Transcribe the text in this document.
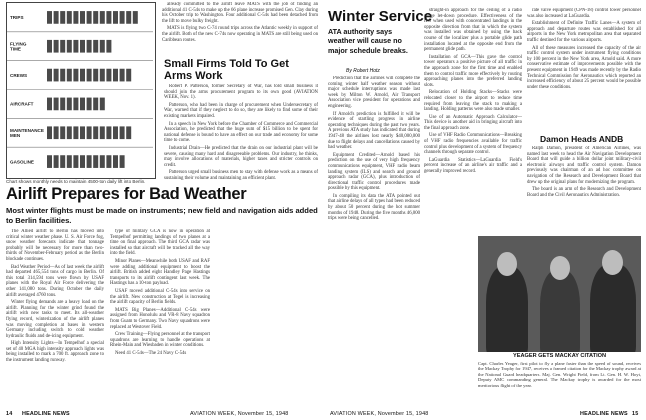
TRIPS
FLYING
TIME
CREWS
AIRCRAFT
MAINTENANCE
MEN
GASOLINE
Chart shows monthly needs to maintain 4500-ton daily lift into Berlin.
Airlift Prepares for Bad Weather
Most winter flights must be made on instruments; new field and navigation aids added to Berlin facilities.

The Allied airlift to Berlin has moved into critical winter weather phase. U. S. Air Force fog, snow weather forecasts indicate that tonnage probably will be necessary for more than two-thirds of November-February period as the Berlin blockade continues.

Bad Weather Period—As of last week the airlift had departed 465,554 tons of cargo in Berlin. Of this total 314,594 tons were flown by USAF planes with the Royal Air Force delivering the other 141,080 tons. During October the daily airlift averaged 4760 tons.

Winter flying demands are a heavy load on the airlift. Planning for the winter grind found the airlift with new tasks to meet. Its all-weather flying record, winterization of the airlift planes was moving completion at bases in western Germany including switch to cold weather hydraulic fluids and de-icing equipment.

High Intensity Lights—In Tempelhof a special set of 40 MGA high intensity approach lights was being installed to mark a 700 ft. approach zone to the instrument landing runway.

type of military GCA is now in operation at Tempelhof permitting landings of two planes at a time on final approach. The third GCA radar was installed so that aircraft will be tracked all the way into the field.

Minor Planes—Meanwhile both USAF and RAF were adding additional equipment to boost the airlift. British added eight Handley Page Hastings transports to its airlift contingent last week. The Hastings has a 10-ton payload.

USAF moved additional C-54s into service on the airlift. New construction at Tegel is increasing the airlift capacity of Berlin fields.

MATS Big Planes—Additional C-54s were assigned from Honolulu and VR-8 Navy squadron from Guam to Germany. Two Navy squadrons were replaced at Westover Field.

Crew Training—Flying personnel at the transport squadrons are learning to handle operations at Rhein-Main and Wiesbaden in winter conditions.

Need 41 C-54s—The 24 Navy C-54s

already committed to the airlift leave MATS with the job of finding an additional 41 C-54s to make up the 66 plane increase promised Gen. Clay during his October trip to Washington. Four additional C-54s had been detached from the lift to move bulky freight.

MATS is flying two C-74 round trips across the Atlantic weekly in support of the airlift. Both of the new C-74s now operating in MATS are still being used on Caribbean routes.

Small Firms Told To Get Arms Work

Robert P. Patterson, former Secretary of War, has told small business it should join the arms procurement program to its own good (AVIATION WEEK, Nov. 1).

Patterson, who had been in charge of procurement when Undersecretary of War, warned that if they neglect to do so, they are likely to find some of their existing markets impaired.

In a speech in New York before the Chamber of Commerce and Commercial Association, he predicted that the huge sum of $15 billion to be spent for national defense is bound to have an effect on our trade and economy for some time to come.

Industrial Drain—He predicted that the drain on our industrial plant will be severe, causing many hard and disagreeable problems. Our industry, he thinks, may involve allocations of materials, higher taxes and stricter controls on credit.

Patterson urged small business men to stay with defense work as a means of sustaining their volume and maintaining an efficient plant.

14 HEADLINE NEWS	AVIATION WEEK, November 15, 1948
Winter Service
ATA authority says weather will cause no major schedule breaks.
By Robert Hotz

Prediction that the airlines will complete the coming winter half weather season without major schedule interruptions was made last week by Milton W. Arnold, Air Transport Association vice president for operations and engineering.

If Arnold's prediction is fulfilled it will be evidence of startling progress in airline operating techniques during the past two years. A previous ATA study has indicated that during 1947-48 the airlines lost nearly $40,000,000 due to flight delays and cancellations caused by bad weather.

Equipment Credited—Arnold based his prediction on the use of very high frequency communications equipment, VHF radio beam landing system (ILS) and search and ground approach radar (GCA), plus introduction of directional traffic control procedures made possible by this equipment.

In compiling its data the ATA pointed out that airline delays of all types had been reduced by about 50 percent during the hot summer months of 1948. During the five months 46,000 trips were being cancelled.

straight-in approach for the ceiling of a radio range let-down procedure. Effectiveness of the ILS when used with concentrated landings in the opposite direction from that in which the system was installed was obtained by using the back course of the localizer plus a portable glide path installation located at the opposite end from the permanent glide path.

Installation of GCA—This gave the control tower operators a positive picture of all traffic in the approach zone for the first time and enabled them to control traffic more effectively by routing approaching planes into the preferred landing slots.

Relocation of Holding Stacks—Stacks were relocated closer to the airport to reduce time required from leaving the stack to making a landing. Holding patterns were also made smaller.

Use of an Automatic Approach Calculator—This device is another aid in bringing aircraft into the final approach zone.

Use of VHF Radio Communications—Breaking of VHF radio frequencies available for traffic control plus development of a system of frequency channels through separate control.

LaGuardia Statistics—LaGuardia Field's percent increase of an airline's air traffic and a generally improved record.

rate valve equipment (CPN-18) control tower personnel was also increased at LaGuardia.

Establishment of Definite Traffic Lanes—A system of approach and departure routes was established for all airports in the New York metropolitan area that separated traffic destined for the various airports.

All of these measures increased the capacity of the air traffic control system under instrument flying conditions by 100 percent in the New York area, Arnold said. A more conservative estimate of improvements possible with the present equipment in 1949 was made recently by the Radio Technical Commission for Aeronautics which reported an increased efficiency of about 25 percent would be possible under these conditions.

Damon Heads ANDB

Ralph Damon, president of American Airlines, was named last week to head the Air Navigation Development Board that will guide a billion dollar joint military-civil electronic airways and traffic control system. Damon previously was chairman of an ad hoc committee on navigation of the Research and Development Board that drew up the original plans for modernizing the program.

The board is an arm of the Research and Development Board and the Civil Aeronautics Administration.

YEAGER GETS MACKAY CITATION
Capt. Charles Yeager, first pilot to fly a plane faster than the speed of sound, receives the Mackay Trophy for 1947, receives a framed citation for the Mackay trophy award at the National Guard headquarters. Maj. Gen. Wright Field, from Lt. Gen. H. W. Hoyt, Deputy AMC commanding general. The Mackay trophy is awarded for the most meritorious flight of the year.
AVIATION WEEK, November 15, 1948	HEADLINE NEWS 15
